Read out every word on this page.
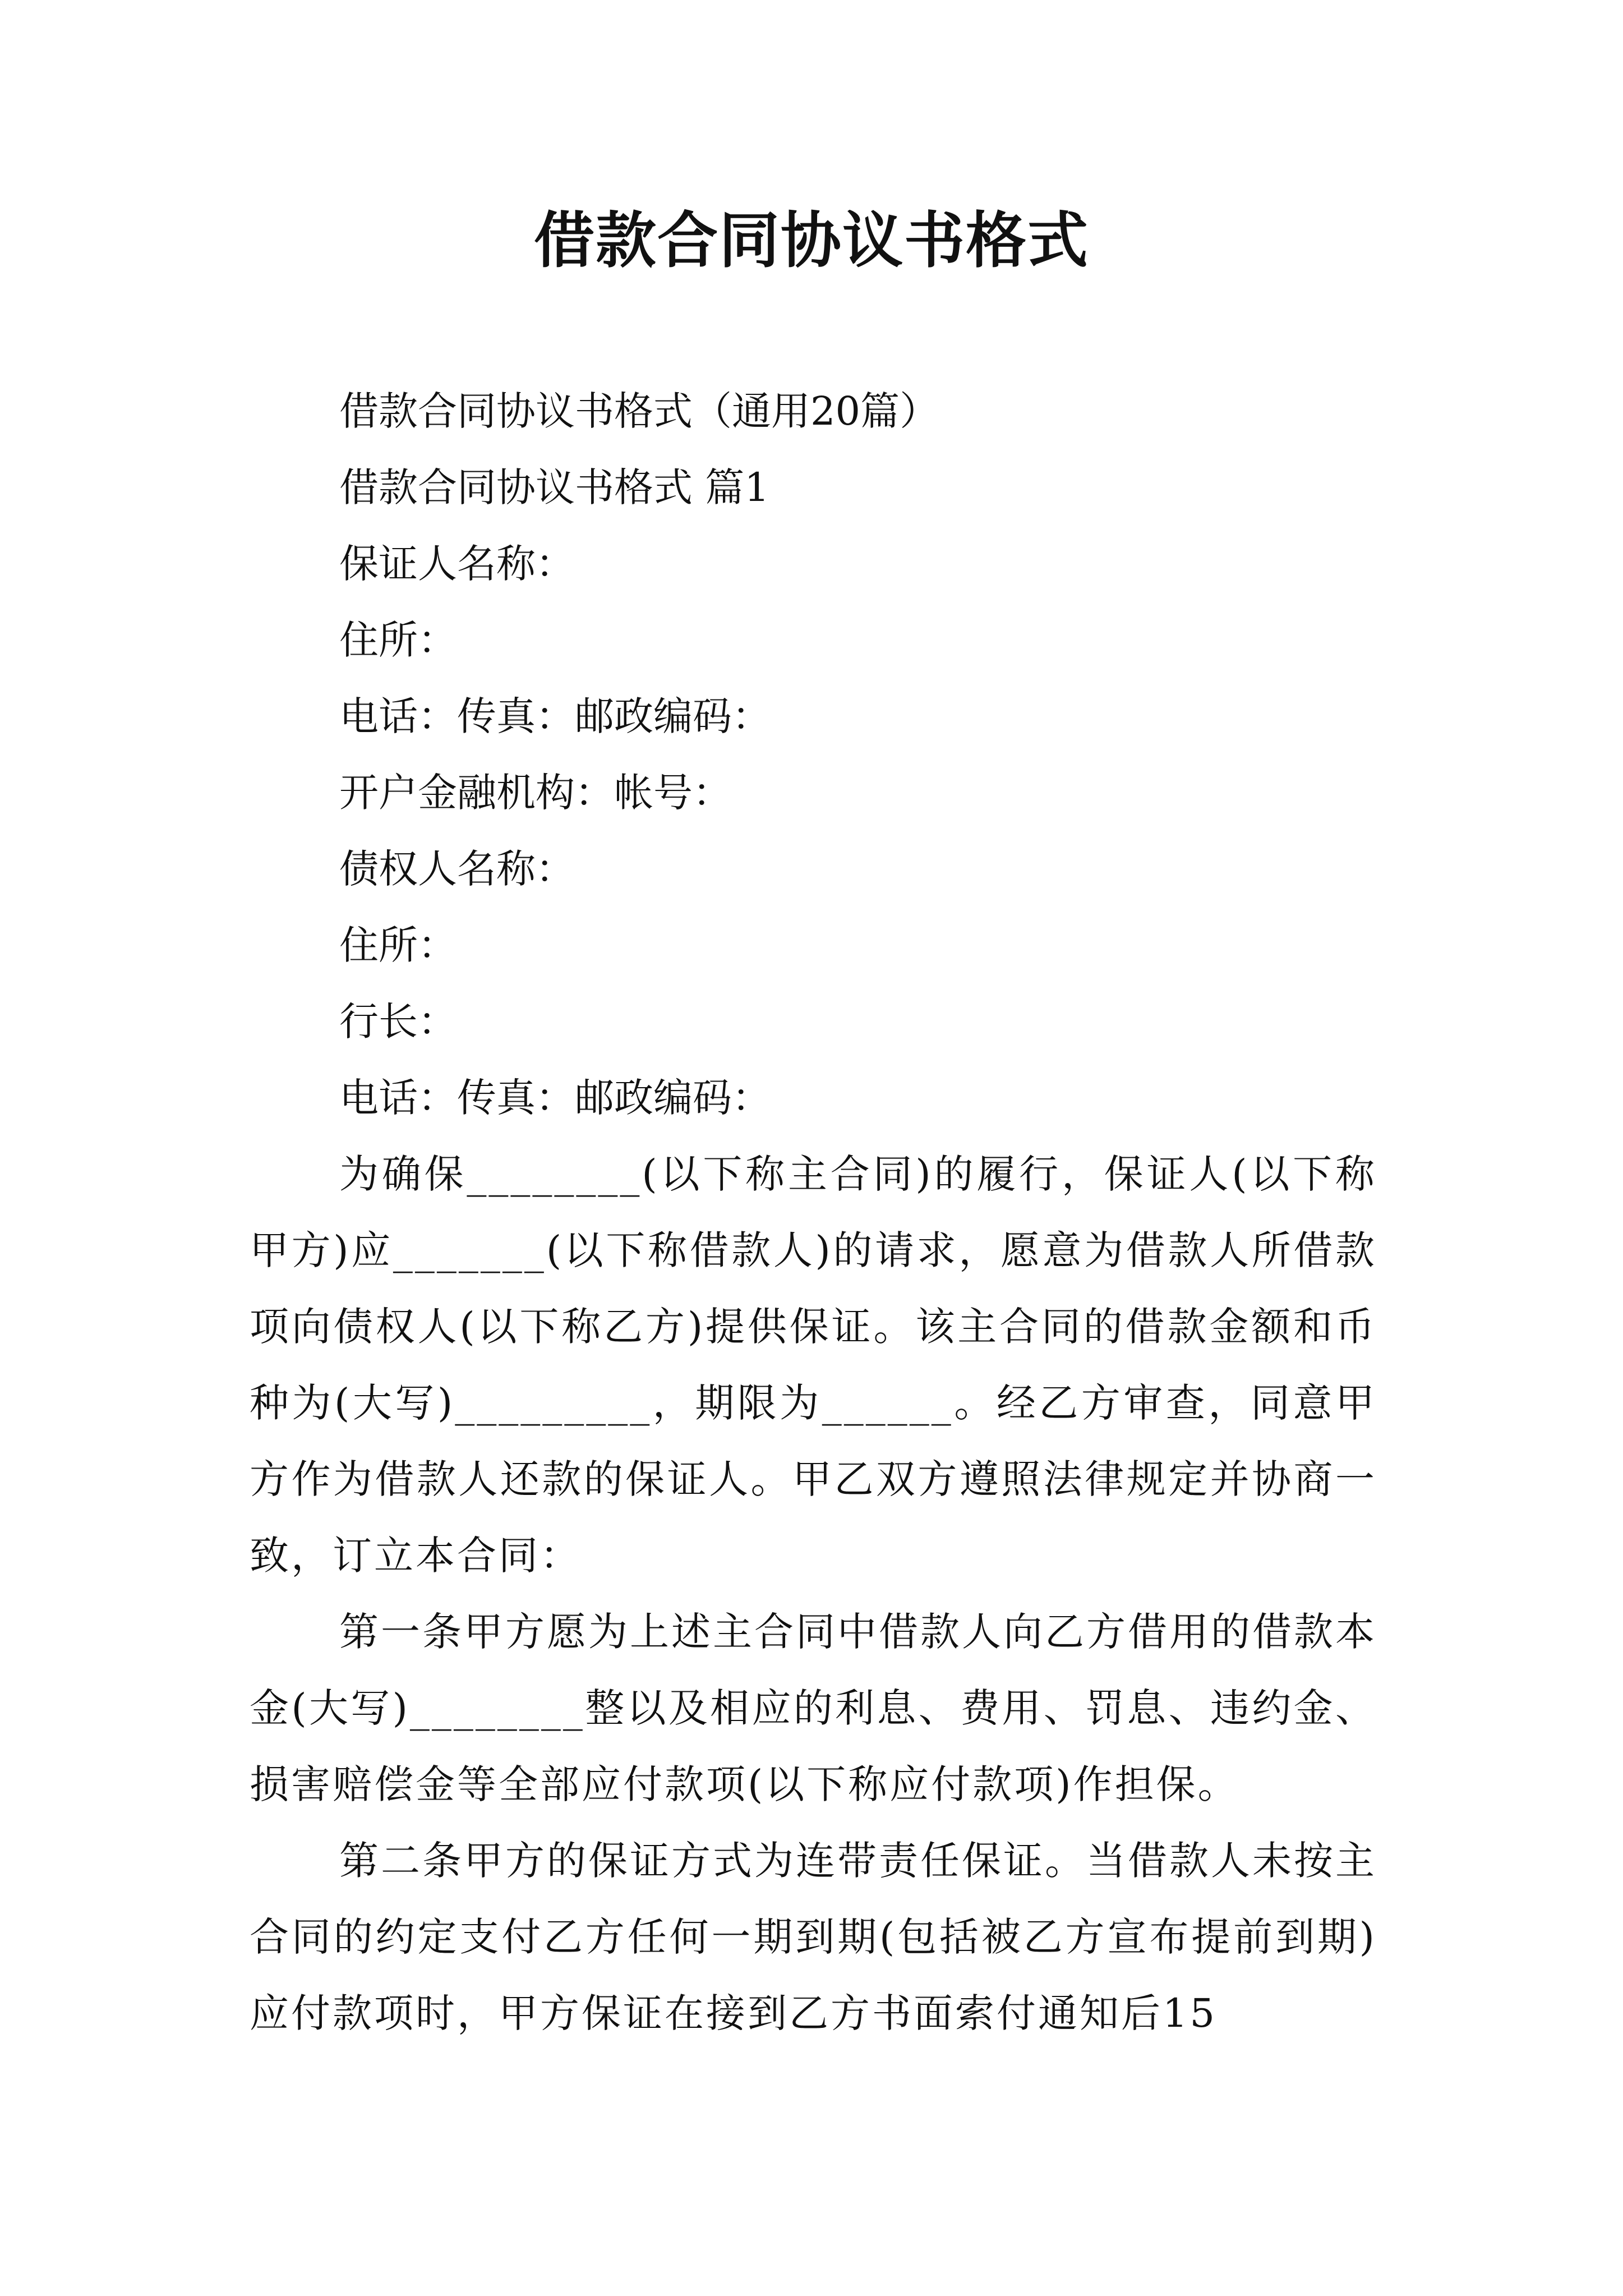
借款合同协议书格式

借款合同协议书格式（通用20篇）

借款合同协议书格式 篇1

保证人名称：

住所：

电话：传真：邮政编码：

开户金融机构：帐号：

债权人名称：

住所：

行长：

电话：传真：邮政编码：

为确保________(以下称主合同)的履行，保证人(以下称甲方)应_______(以下称借款人)的请求，愿意为借款人所借款项向债权人(以下称乙方)提供保证。该主合同的借款金额和币种为(大写)_________，期限为______。经乙方审查，同意甲方作为借款人还款的保证人。甲乙双方遵照法律规定并协商一致，订立本合同：

第一条甲方愿为上述主合同中借款人向乙方借用的借款本金(大写)________整以及相应的利息、费用、罚息、违约金、损害赔偿金等全部应付款项(以下称应付款项)作担保。

第二条甲方的保证方式为连带责任保证。当借款人未按主合同的约定支付乙方任何一期到期(包括被乙方宣布提前到期)应付款项时，甲方保证在接到乙方书面索付通知后15
